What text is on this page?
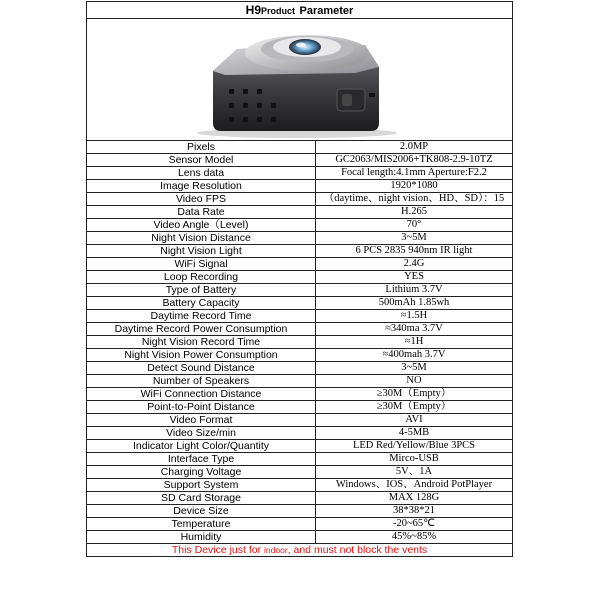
H9Product Parameter
Pixels	2.0MP
Sensor Model	GC2063/MIS2006+TK808-2.9-10TZ
Lens data	Focal length:4.1mm Aperture:F2.2
Image Resolution	1920*1080
Video FPS	（daytime、night vision、HD、SD）：15
Data Rate	H.265
Video Angle（Level)	70°
Night Vision Distance	3~5M
Night Vision Light	6 PCS 2835 940nm IR light
WiFi Signal	2.4G
Loop Recording	YES
Type of Battery	Lithium 3.7V
Battery Capacity	500mAh 1.85wh
Daytime Record Time	≈1.5H
Daytime Record Power Consumption	≈340ma 3.7V
Night Vision Record Time	≈1H
Night Vision Power Consumption	≈400mah 3.7V
Detect Sound Distance	3~5M
Number of Speakers	NO
WiFi Connection Distance	≥30M（Empty）
Point-to-Point Distance	≥30M（Empty）
Video Format	AVI
Video Size/min	4-5MB
Indicator Light Color/Quantity	LED Red/Yellow/Blue 3PCS
Interface Type	Mirco-USB
Charging Voltage	5V、1A
Support System	Windows、IOS、Android PotPlayer
SD Card Storage	MAX 128G
Device Size	38*38*21
Temperature	-20~65℃
Humidity	45%~85%
This Device just for indoor, and must not block the vents
